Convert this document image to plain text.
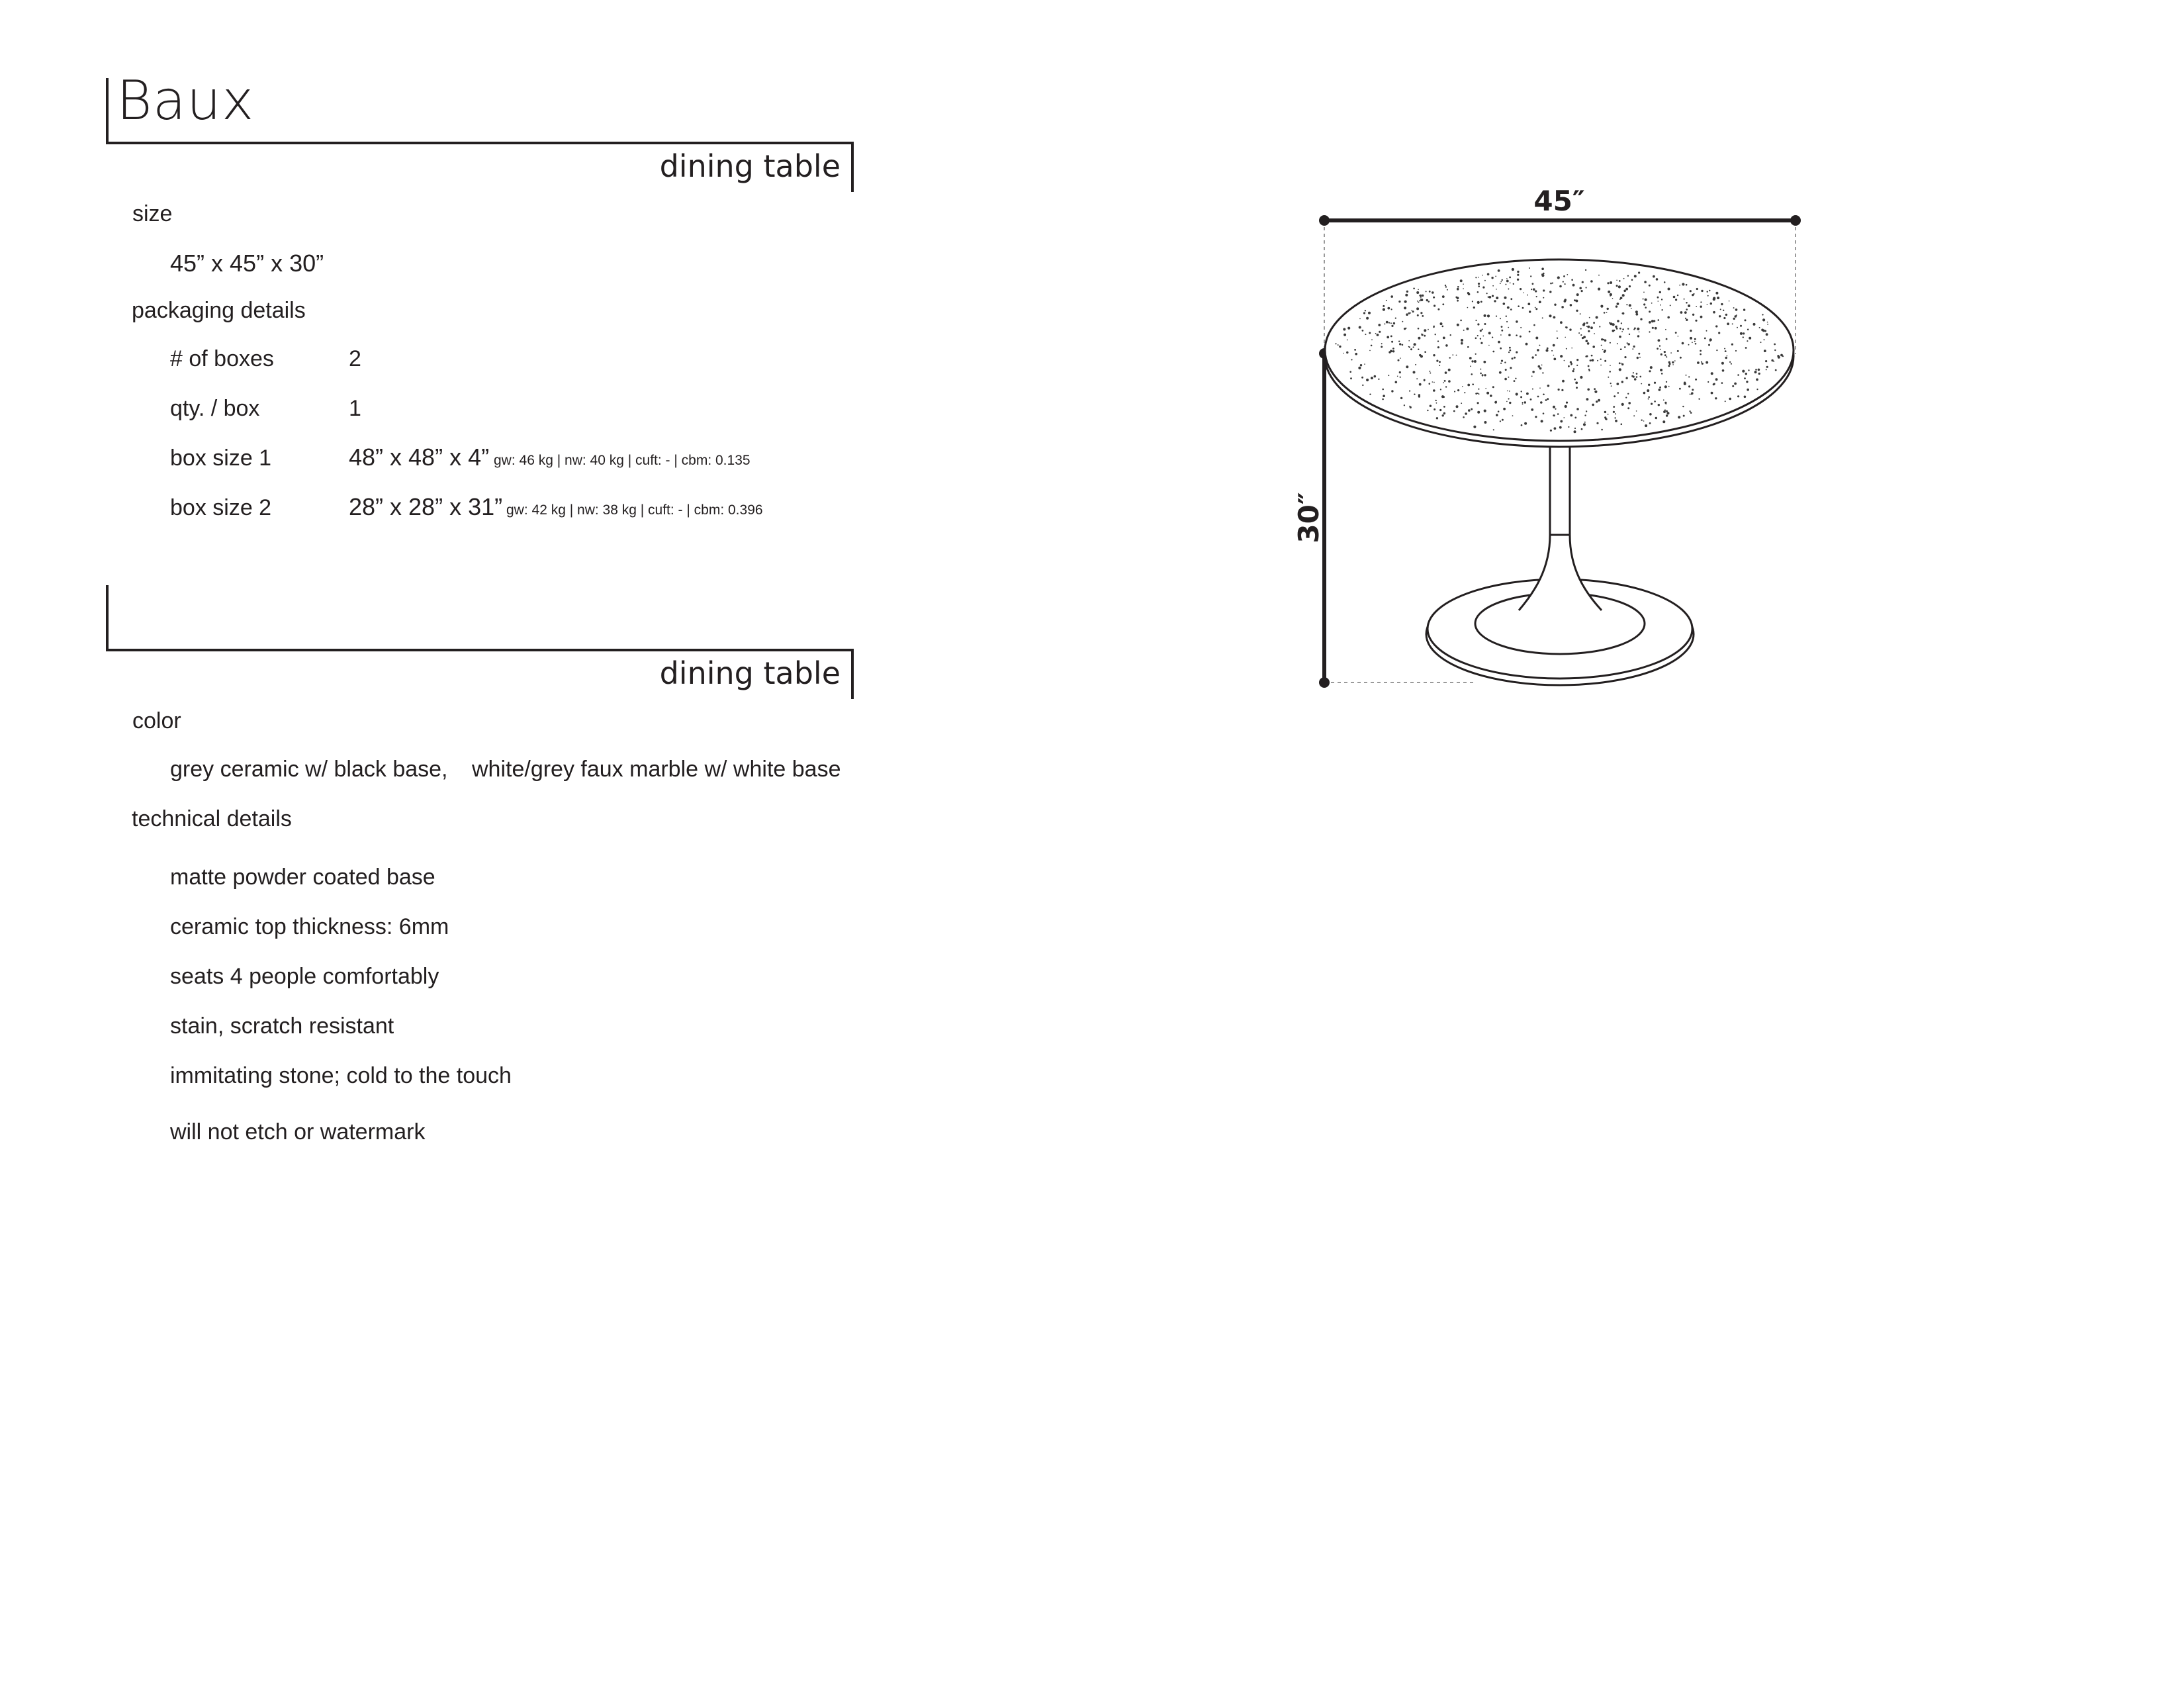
Baux
dining table
size
45” x 45” x 30”
packaging details
# of boxes	2
qty. / box	1
box size 1	48” x 48” x 4” gw: 46 kg | nw: 40 kg | cuft: - | cbm: 0.135
box size 2	28” x 28” x 31” gw: 42 kg | nw: 38 kg | cuft: - | cbm: 0.396
dining table
color
grey ceramic w/ black base, white/grey faux marble w/ white base
technical details
matte powder coated base
ceramic top thickness: 6mm
seats 4 people comfortably
stain, scratch resistant
immitating stone; cold to the touch
will not etch or watermark
45″
30″
